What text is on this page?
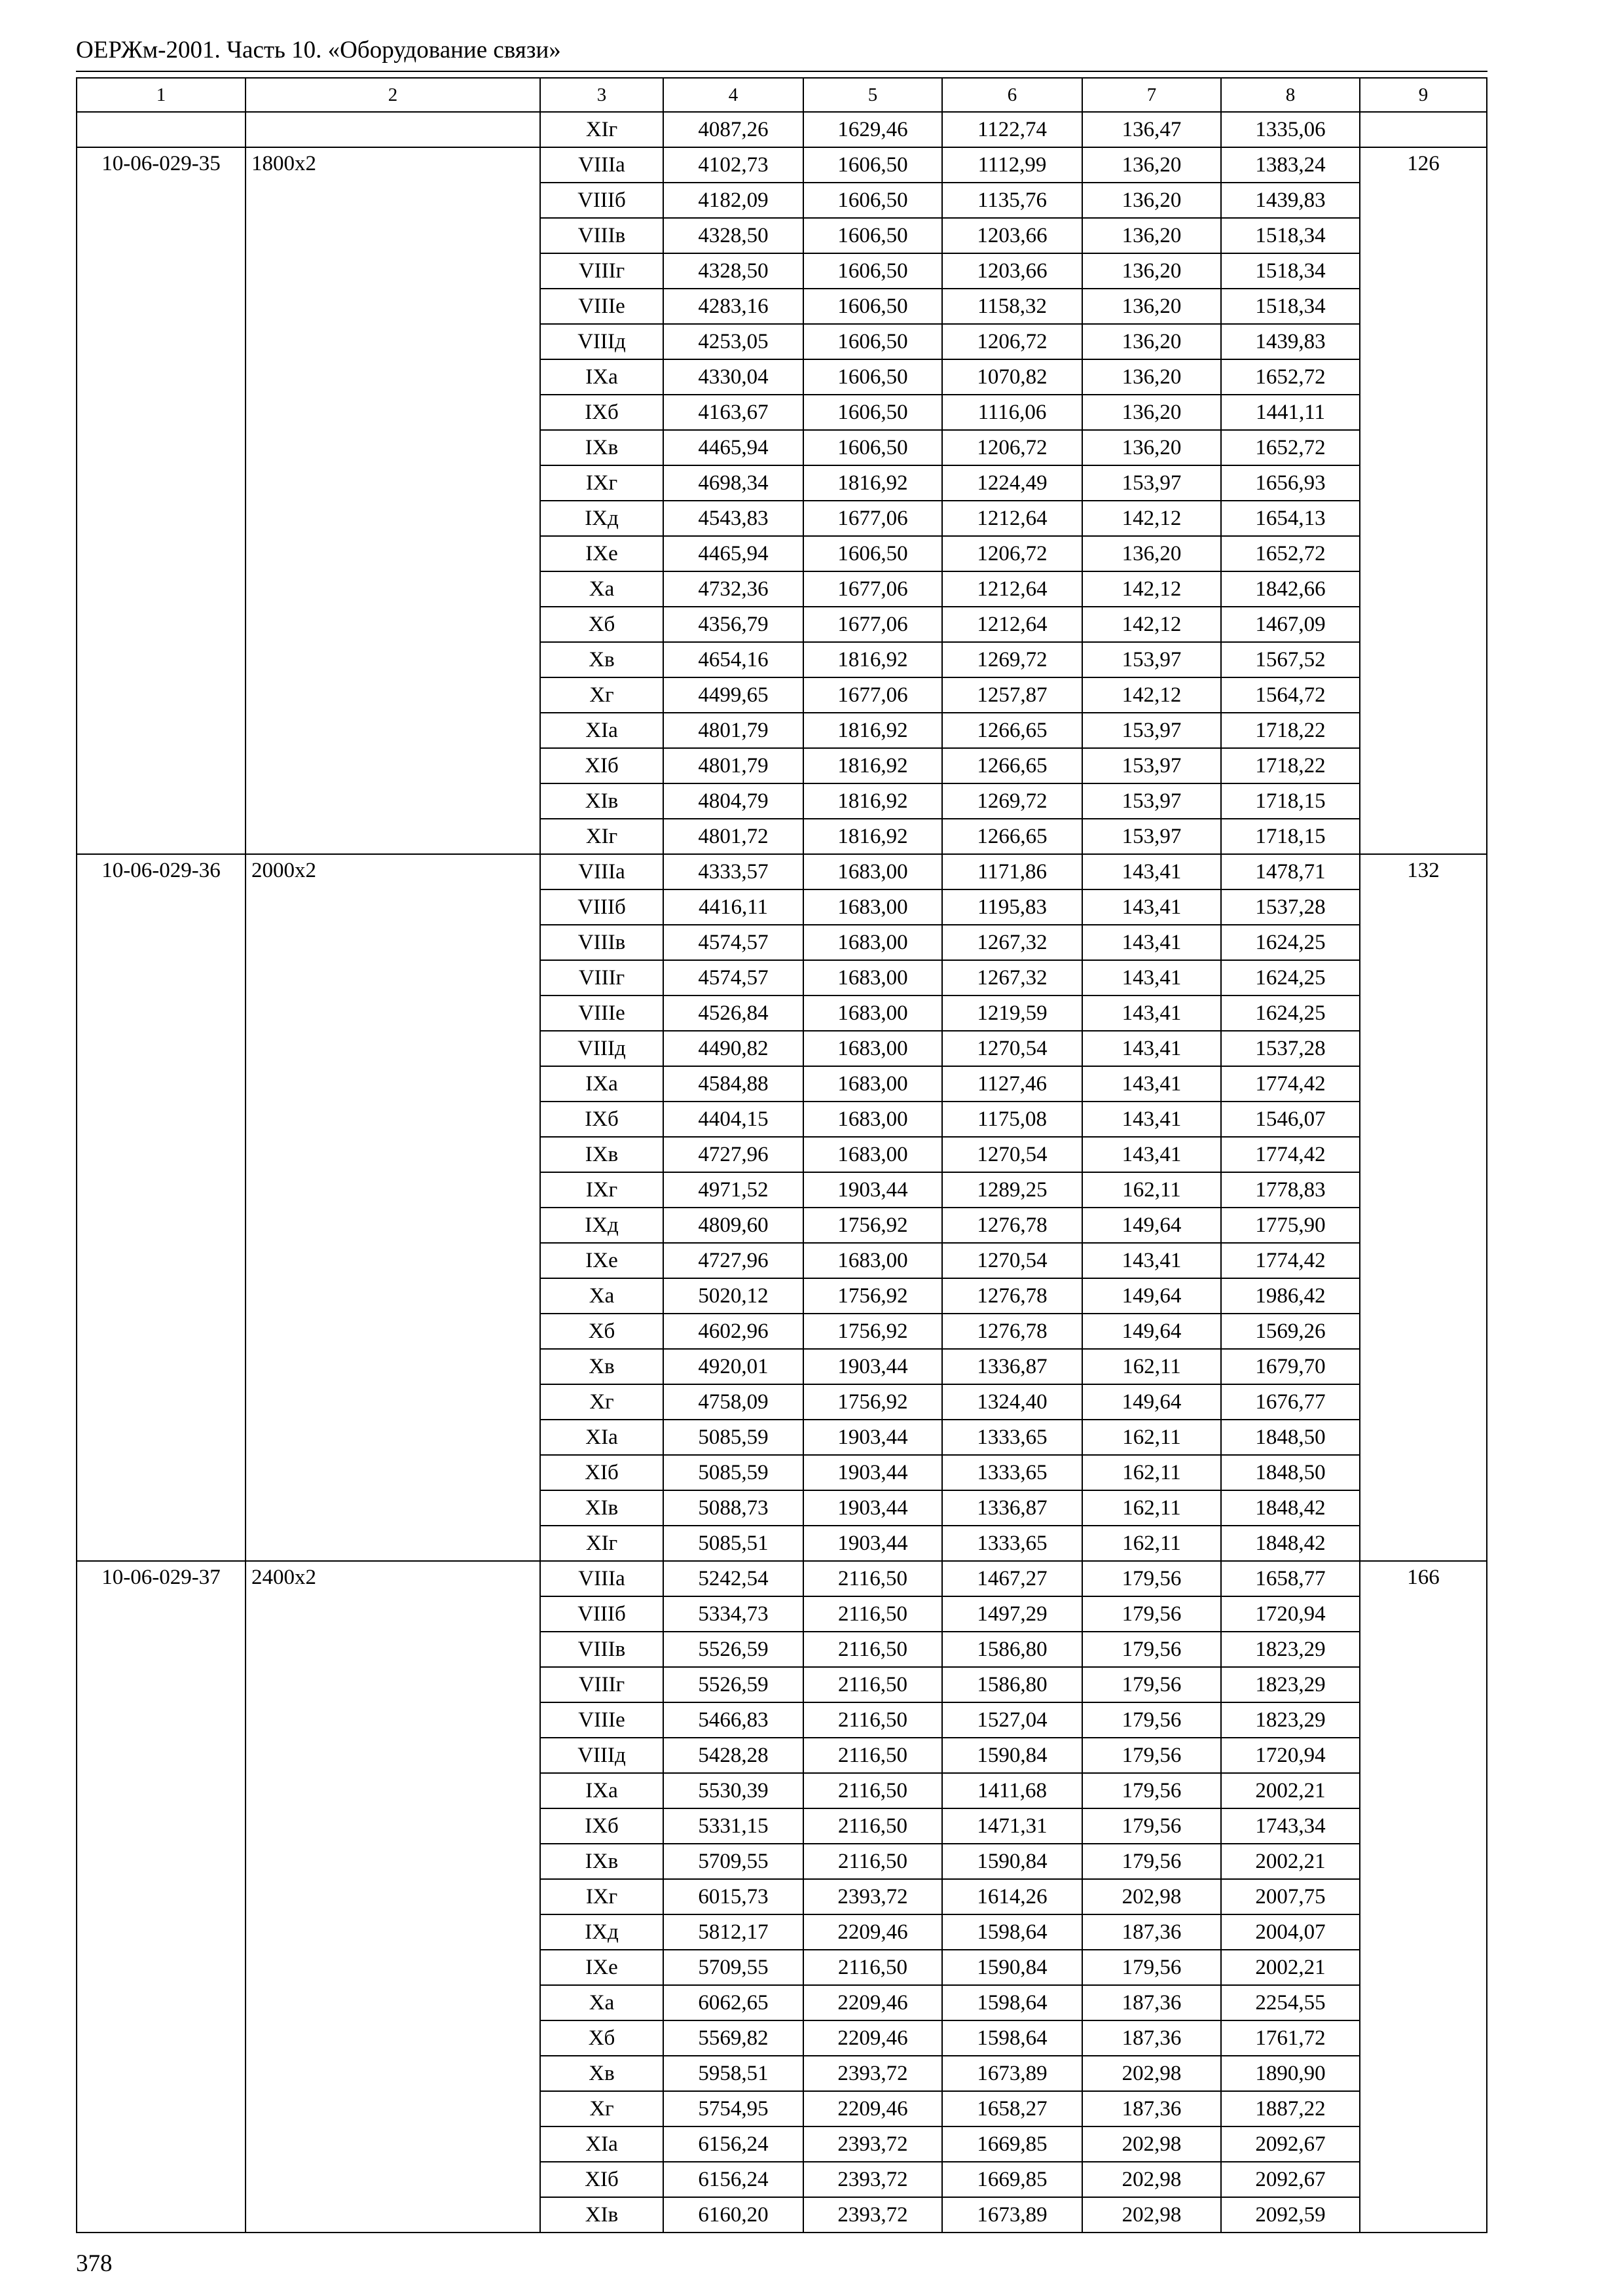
ОЕРЖм-2001. Часть 10. «Оборудование связи»
1	2	3	4	5	6	7	8	9
		XIг	4087,26	1629,46	1122,74	136,47	1335,06	
10-06-029-35	1800х2	VIIIа	4102,73	1606,50	1112,99	136,20	1383,24	126
		VIIIб	4182,09	1606,50	1135,76	136,20	1439,83	
		VIIIв	4328,50	1606,50	1203,66	136,20	1518,34	
		VIIIг	4328,50	1606,50	1203,66	136,20	1518,34	
		VIIIе	4283,16	1606,50	1158,32	136,20	1518,34	
		VIIIд	4253,05	1606,50	1206,72	136,20	1439,83	
		IXа	4330,04	1606,50	1070,82	136,20	1652,72	
		IXб	4163,67	1606,50	1116,06	136,20	1441,11	
		IXв	4465,94	1606,50	1206,72	136,20	1652,72	
		IXг	4698,34	1816,92	1224,49	153,97	1656,93	
		IXд	4543,83	1677,06	1212,64	142,12	1654,13	
		IXе	4465,94	1606,50	1206,72	136,20	1652,72	
		Xа	4732,36	1677,06	1212,64	142,12	1842,66	
		Xб	4356,79	1677,06	1212,64	142,12	1467,09	
		Xв	4654,16	1816,92	1269,72	153,97	1567,52	
		Xг	4499,65	1677,06	1257,87	142,12	1564,72	
		XIа	4801,79	1816,92	1266,65	153,97	1718,22	
		XIб	4801,79	1816,92	1266,65	153,97	1718,22	
		XIв	4804,79	1816,92	1269,72	153,97	1718,15	
		XIг	4801,72	1816,92	1266,65	153,97	1718,15	
10-06-029-36	2000х2	VIIIа	4333,57	1683,00	1171,86	143,41	1478,71	132
		VIIIб	4416,11	1683,00	1195,83	143,41	1537,28	
		VIIIв	4574,57	1683,00	1267,32	143,41	1624,25	
		VIIIг	4574,57	1683,00	1267,32	143,41	1624,25	
		VIIIе	4526,84	1683,00	1219,59	143,41	1624,25	
		VIIIд	4490,82	1683,00	1270,54	143,41	1537,28	
		IXа	4584,88	1683,00	1127,46	143,41	1774,42	
		IXб	4404,15	1683,00	1175,08	143,41	1546,07	
		IXв	4727,96	1683,00	1270,54	143,41	1774,42	
		IXг	4971,52	1903,44	1289,25	162,11	1778,83	
		IXд	4809,60	1756,92	1276,78	149,64	1775,90	
		IXе	4727,96	1683,00	1270,54	143,41	1774,42	
		Xа	5020,12	1756,92	1276,78	149,64	1986,42	
		Xб	4602,96	1756,92	1276,78	149,64	1569,26	
		Xв	4920,01	1903,44	1336,87	162,11	1679,70	
		Xг	4758,09	1756,92	1324,40	149,64	1676,77	
		XIа	5085,59	1903,44	1333,65	162,11	1848,50	
		XIб	5085,59	1903,44	1333,65	162,11	1848,50	
		XIв	5088,73	1903,44	1336,87	162,11	1848,42	
		XIг	5085,51	1903,44	1333,65	162,11	1848,42	
10-06-029-37	2400х2	VIIIа	5242,54	2116,50	1467,27	179,56	1658,77	166
		VIIIб	5334,73	2116,50	1497,29	179,56	1720,94	
		VIIIв	5526,59	2116,50	1586,80	179,56	1823,29	
		VIIIг	5526,59	2116,50	1586,80	179,56	1823,29	
		VIIIе	5466,83	2116,50	1527,04	179,56	1823,29	
		VIIIд	5428,28	2116,50	1590,84	179,56	1720,94	
		IXа	5530,39	2116,50	1411,68	179,56	2002,21	
		IXб	5331,15	2116,50	1471,31	179,56	1743,34	
		IXв	5709,55	2116,50	1590,84	179,56	2002,21	
		IXг	6015,73	2393,72	1614,26	202,98	2007,75	
		IXд	5812,17	2209,46	1598,64	187,36	2004,07	
		IXе	5709,55	2116,50	1590,84	179,56	2002,21	
		Xа	6062,65	2209,46	1598,64	187,36	2254,55	
		Xб	5569,82	2209,46	1598,64	187,36	1761,72	
		Xв	5958,51	2393,72	1673,89	202,98	1890,90	
		Xг	5754,95	2209,46	1658,27	187,36	1887,22	
		XIа	6156,24	2393,72	1669,85	202,98	2092,67	
		XIб	6156,24	2393,72	1669,85	202,98	2092,67	
		XIв	6160,20	2393,72	1673,89	202,98	2092,59	
378
